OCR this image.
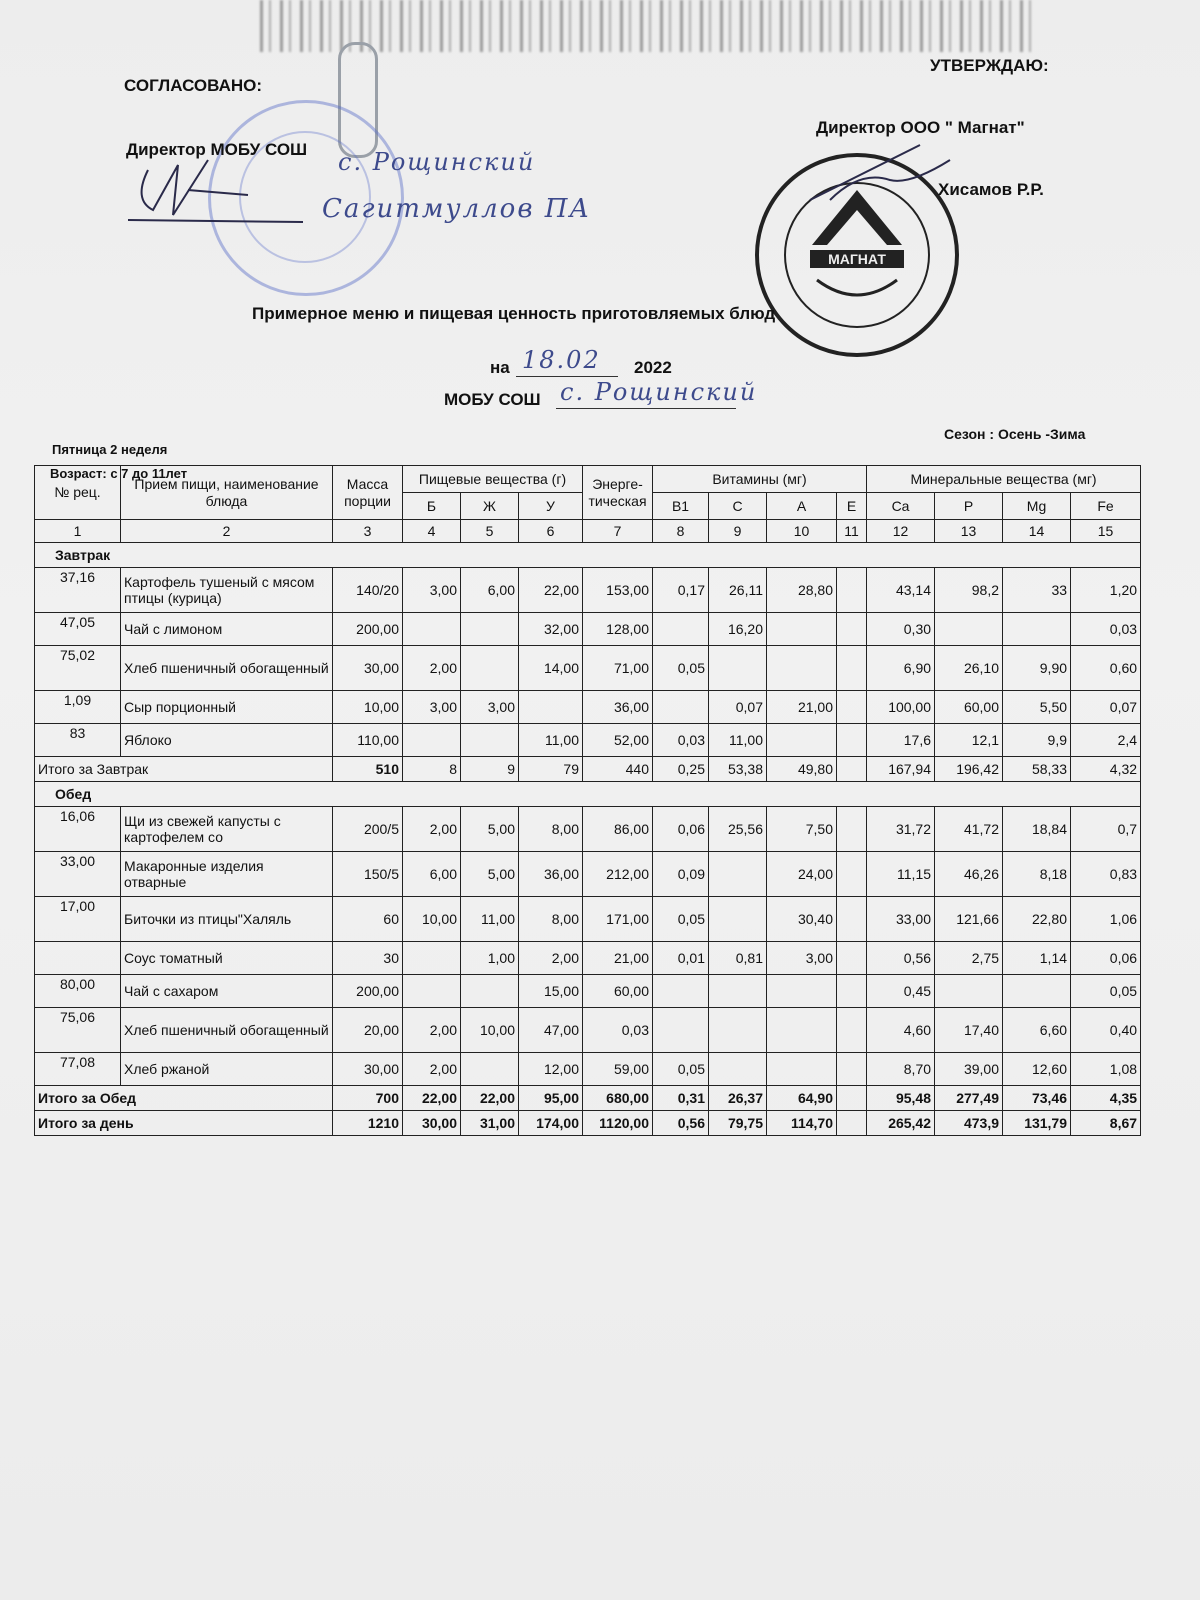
МАГНАТ
СОГЛАСОВАНО:
УТВЕРЖДАЮ:
Директор МОБУ СОШ с. Рощинский
Сагитмуллов ПА
Директор ООО " Магнат"
Хисамов Р.Р.
Примерное меню и пищевая ценность приготовляемых блюд
на 18.02 2022
МОБУ СОШ с. Рощинский
Пятница 2 неделя
Возраст: с 7 до 11лет
Сезон : Осень -Зима
№ рец.	Прием пищи, наименование блюда	Масса порции	Пищевые вещества (г)			Энерге-тическая	Витамины (мг)				Минеральные вещества (мг)			
			Б	Ж	У		B1	C	A	E	Ca	P	Mg	Fe
1	2	3	4	5	6	7	8	9	10	11	12	13	14	15
Завтрак														
37,16	Картофель тушеный с мясом птицы (курица)	140/20	3,00	6,00	22,00	153,00	0,17	26,11	28,80		43,14	98,2	33	1,20
47,05	Чай с лимоном	200,00			32,00	128,00		16,20			0,30			0,03
75,02	Хлеб пшеничный обогащенный	30,00	2,00		14,00	71,00	0,05				6,90	26,10	9,90	0,60
1,09	Сыр порционный	10,00	3,00	3,00		36,00		0,07	21,00		100,00	60,00	5,50	0,07
83	Яблоко	110,00			11,00	52,00	0,03	11,00			17,6	12,1	9,9	2,4
Итого за Завтрак		510	8	9	79	440	0,25	53,38	49,80		167,94	196,42	58,33	4,32
Обед														
16,06	Щи из свежей капусты с картофелем со	200/5	2,00	5,00	8,00	86,00	0,06	25,56	7,50		31,72	41,72	18,84	0,7
33,00	Макаронные изделия отварные	150/5	6,00	5,00	36,00	212,00	0,09		24,00		11,15	46,26	8,18	0,83
17,00	Биточки из птицы"Халяль	60	10,00	11,00	8,00	171,00	0,05		30,40		33,00	121,66	22,80	1,06
	Соус томатный	30		1,00	2,00	21,00	0,01	0,81	3,00		0,56	2,75	1,14	0,06
80,00	Чай с сахаром	200,00			15,00	60,00					0,45			0,05
75,06	Хлеб пшеничный обогащенный	20,00	2,00	10,00	47,00	0,03					4,60	17,40	6,60	0,40
77,08	Хлеб ржаной	30,00	2,00		12,00	59,00	0,05				8,70	39,00	12,60	1,08
Итого за Обед		700	22,00	22,00	95,00	680,00	0,31	26,37	64,90		95,48	277,49	73,46	4,35
Итого за день		1210	30,00	31,00	174,00	1120,00	0,56	79,75	114,70		265,42	473,9	131,79	8,67
